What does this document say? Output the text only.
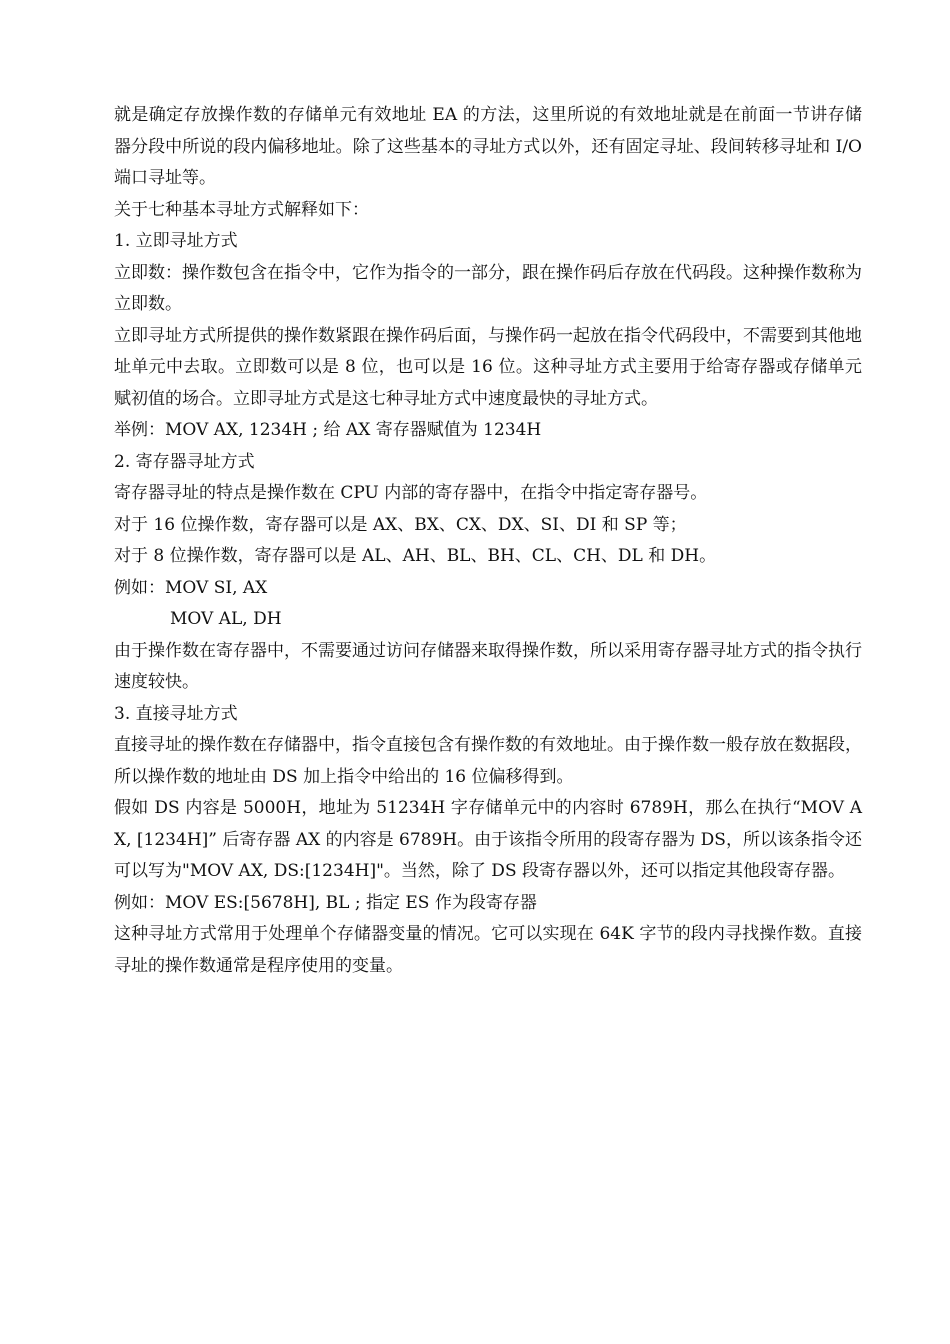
就是确定存放操作数的存储单元有效地址 EA 的方法，这里所说的有效地址就是在前面一节讲存储器分段中所说的段内偏移地址。除了这些基本的寻址方式以外，还有固定寻址、段间转移寻址和 I/O 端口寻址等。

关于七种基本寻址方式解释如下：

1. 立即寻址方式

立即数：操作数包含在指令中，它作为指令的一部分，跟在操作码后存放在代码段。这种操作数称为立即数。

立即寻址方式所提供的操作数紧跟在操作码后面，与操作码一起放在指令代码段中，不需要到其他地址单元中去取。立即数可以是 8 位，也可以是 16 位。这种寻址方式主要用于给寄存器或存储单元赋初值的场合。立即寻址方式是这七种寻址方式中速度最快的寻址方式。

举例：MOV AX, 1234H ; 给 AX 寄存器赋值为 1234H

2. 寄存器寻址方式

寄存器寻址的特点是操作数在 CPU 内部的寄存器中，在指令中指定寄存器号。

对于 16 位操作数，寄存器可以是 AX、BX、CX、DX、SI、DI 和 SP 等；

对于 8 位操作数，寄存器可以是 AL、AH、BL、BH、CL、CH、DL 和 DH。

例如：MOV SI, AX

MOV AL, DH

由于操作数在寄存器中，不需要通过访问存储器来取得操作数，所以采用寄存器寻址方式的指令执行速度较快。

3. 直接寻址方式

直接寻址的操作数在存储器中，指令直接包含有操作数的有效地址。由于操作数一般存放在数据段，所以操作数的地址由 DS 加上指令中给出的 16 位偏移得到。

假如 DS 内容是 5000H，地址为 51234H 字存储单元中的内容时 6789H，那么在执行“MOV AX, [1234H]” 后寄存器 AX 的内容是 6789H。由于该指令所用的段寄存器为 DS，所以该条指令还可以写为"MOV AX, DS:[1234H]"。当然，除了 DS 段寄存器以外，还可以指定其他段寄存器。

例如：MOV ES:[5678H], BL ; 指定 ES 作为段寄存器

这种寻址方式常用于处理单个存储器变量的情况。它可以实现在 64K 字节的段内寻找操作数。直接寻址的操作数通常是程序使用的变量。
